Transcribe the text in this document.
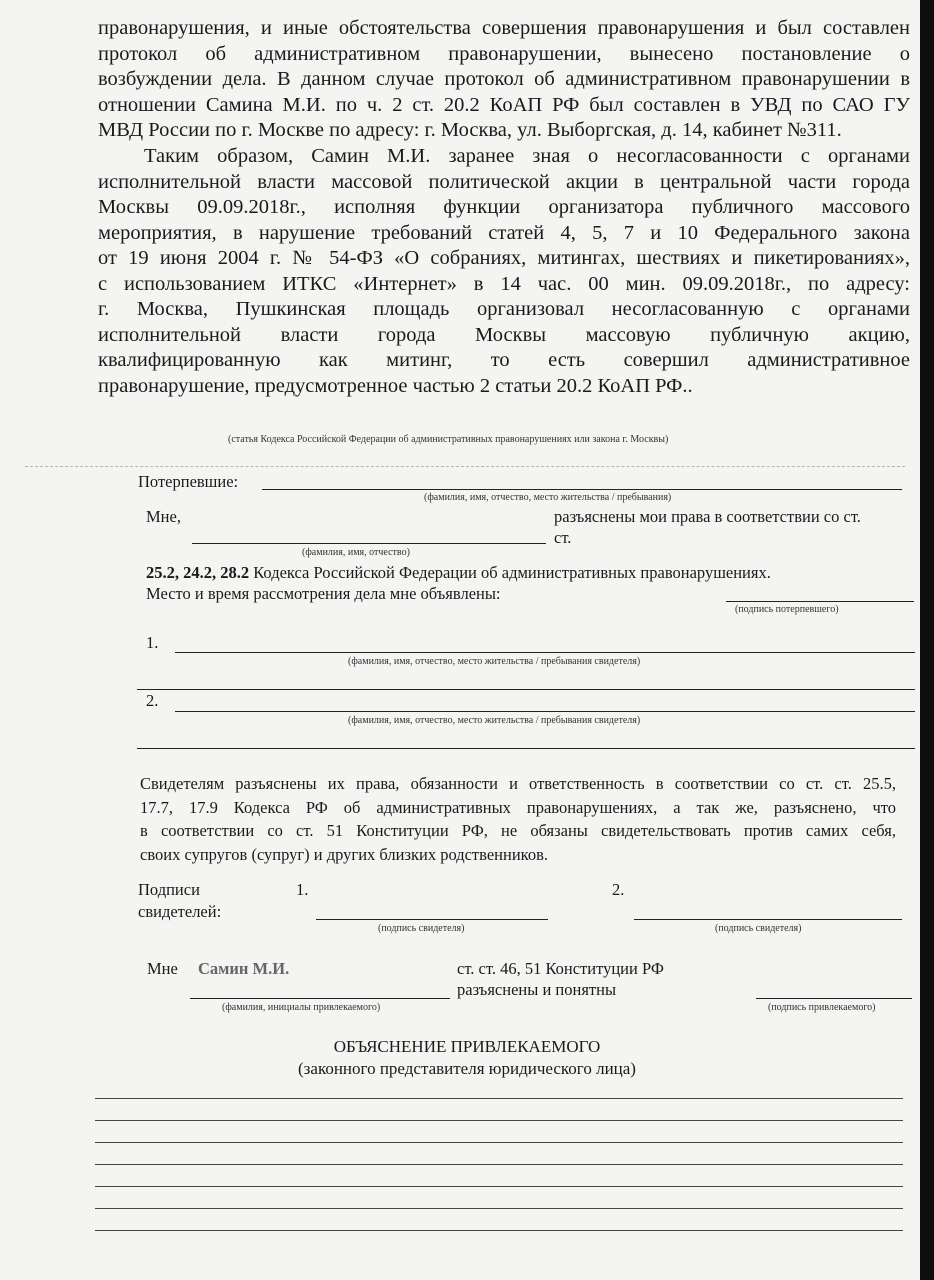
правонарушения, и иные обстоятельства совершения правонарушения и был составлен
протокол об административном правонарушении, вынесено постановление о
возбуждении дела. В данном случае протокол об административном правонарушении в
отношении Самина М.И. по ч. 2 ст. 20.2 КоАП РФ был составлен в УВД по САО ГУ
МВД России по г. Москве по адресу: г. Москва, ул. Выборгская, д. 14, кабинет №311.
Таким образом, Самин М.И. заранее зная о несогласованности с органами
исполнительной власти массовой политической акции в центральной части города
Москвы 09.09.2018г., исполняя функции организатора публичного массового
мероприятия, в нарушение требований статей 4, 5, 7 и 10 Федерального закона
от 19 июня 2004 г. № 54-ФЗ «О собраниях, митингах, шествиях и пикетированиях»,
с использованием ИТКС «Интернет» в 14 час. 00 мин. 09.09.2018г., по адресу:
г. Москва, Пушкинская площадь организовал несогласованную с органами
исполнительной власти города Москвы массовую публичную акцию,
квалифицированную как митинг, то есть совершил административное
правонарушение, предусмотренное частью 2 статьи 20.2 КоАП РФ..
(статья Кодекса Российской Федерации об административных правонарушениях или закона г. Москвы)
Потерпевшие:
(фамилия, имя, отчество, место жительства / пребывания)
Мне,	разъяснены мои права в соответствии со ст.
ст.
(фамилия, имя, отчество)
25.2, 24.2, 28.2 Кодекса Российской Федерации об административных правонарушениях.
Место и время рассмотрения дела мне объявлены:
(подпись потерпевшего)
1.
(фамилия, имя, отчество, место жительства / пребывания свидетеля)
2.
(фамилия, имя, отчество, место жительства / пребывания свидетеля)
Свидетелям разъяснены их права, обязанности и ответственность в соответствии со ст. ст. 25.5,
17.7, 17.9 Кодекса РФ об административных правонарушениях, а так же, разъяснено, что
в соответствии со ст. 51 Конституции РФ, не обязаны свидетельствовать против самих себя,
своих супругов (супруг) и других близких родственников.
Подписи
свидетелей:
1.	2.
(подпись свидетеля)	(подпись свидетеля)
Мне Самин М.И.	ст. ст. 46, 51 Конституции РФ
разъяснены и понятны
(фамилия, инициалы привлекаемого)	(подпись привлекаемого)
ОБЪЯСНЕНИЕ ПРИВЛЕКАЕМОГО
(законного представителя юридического лица)
